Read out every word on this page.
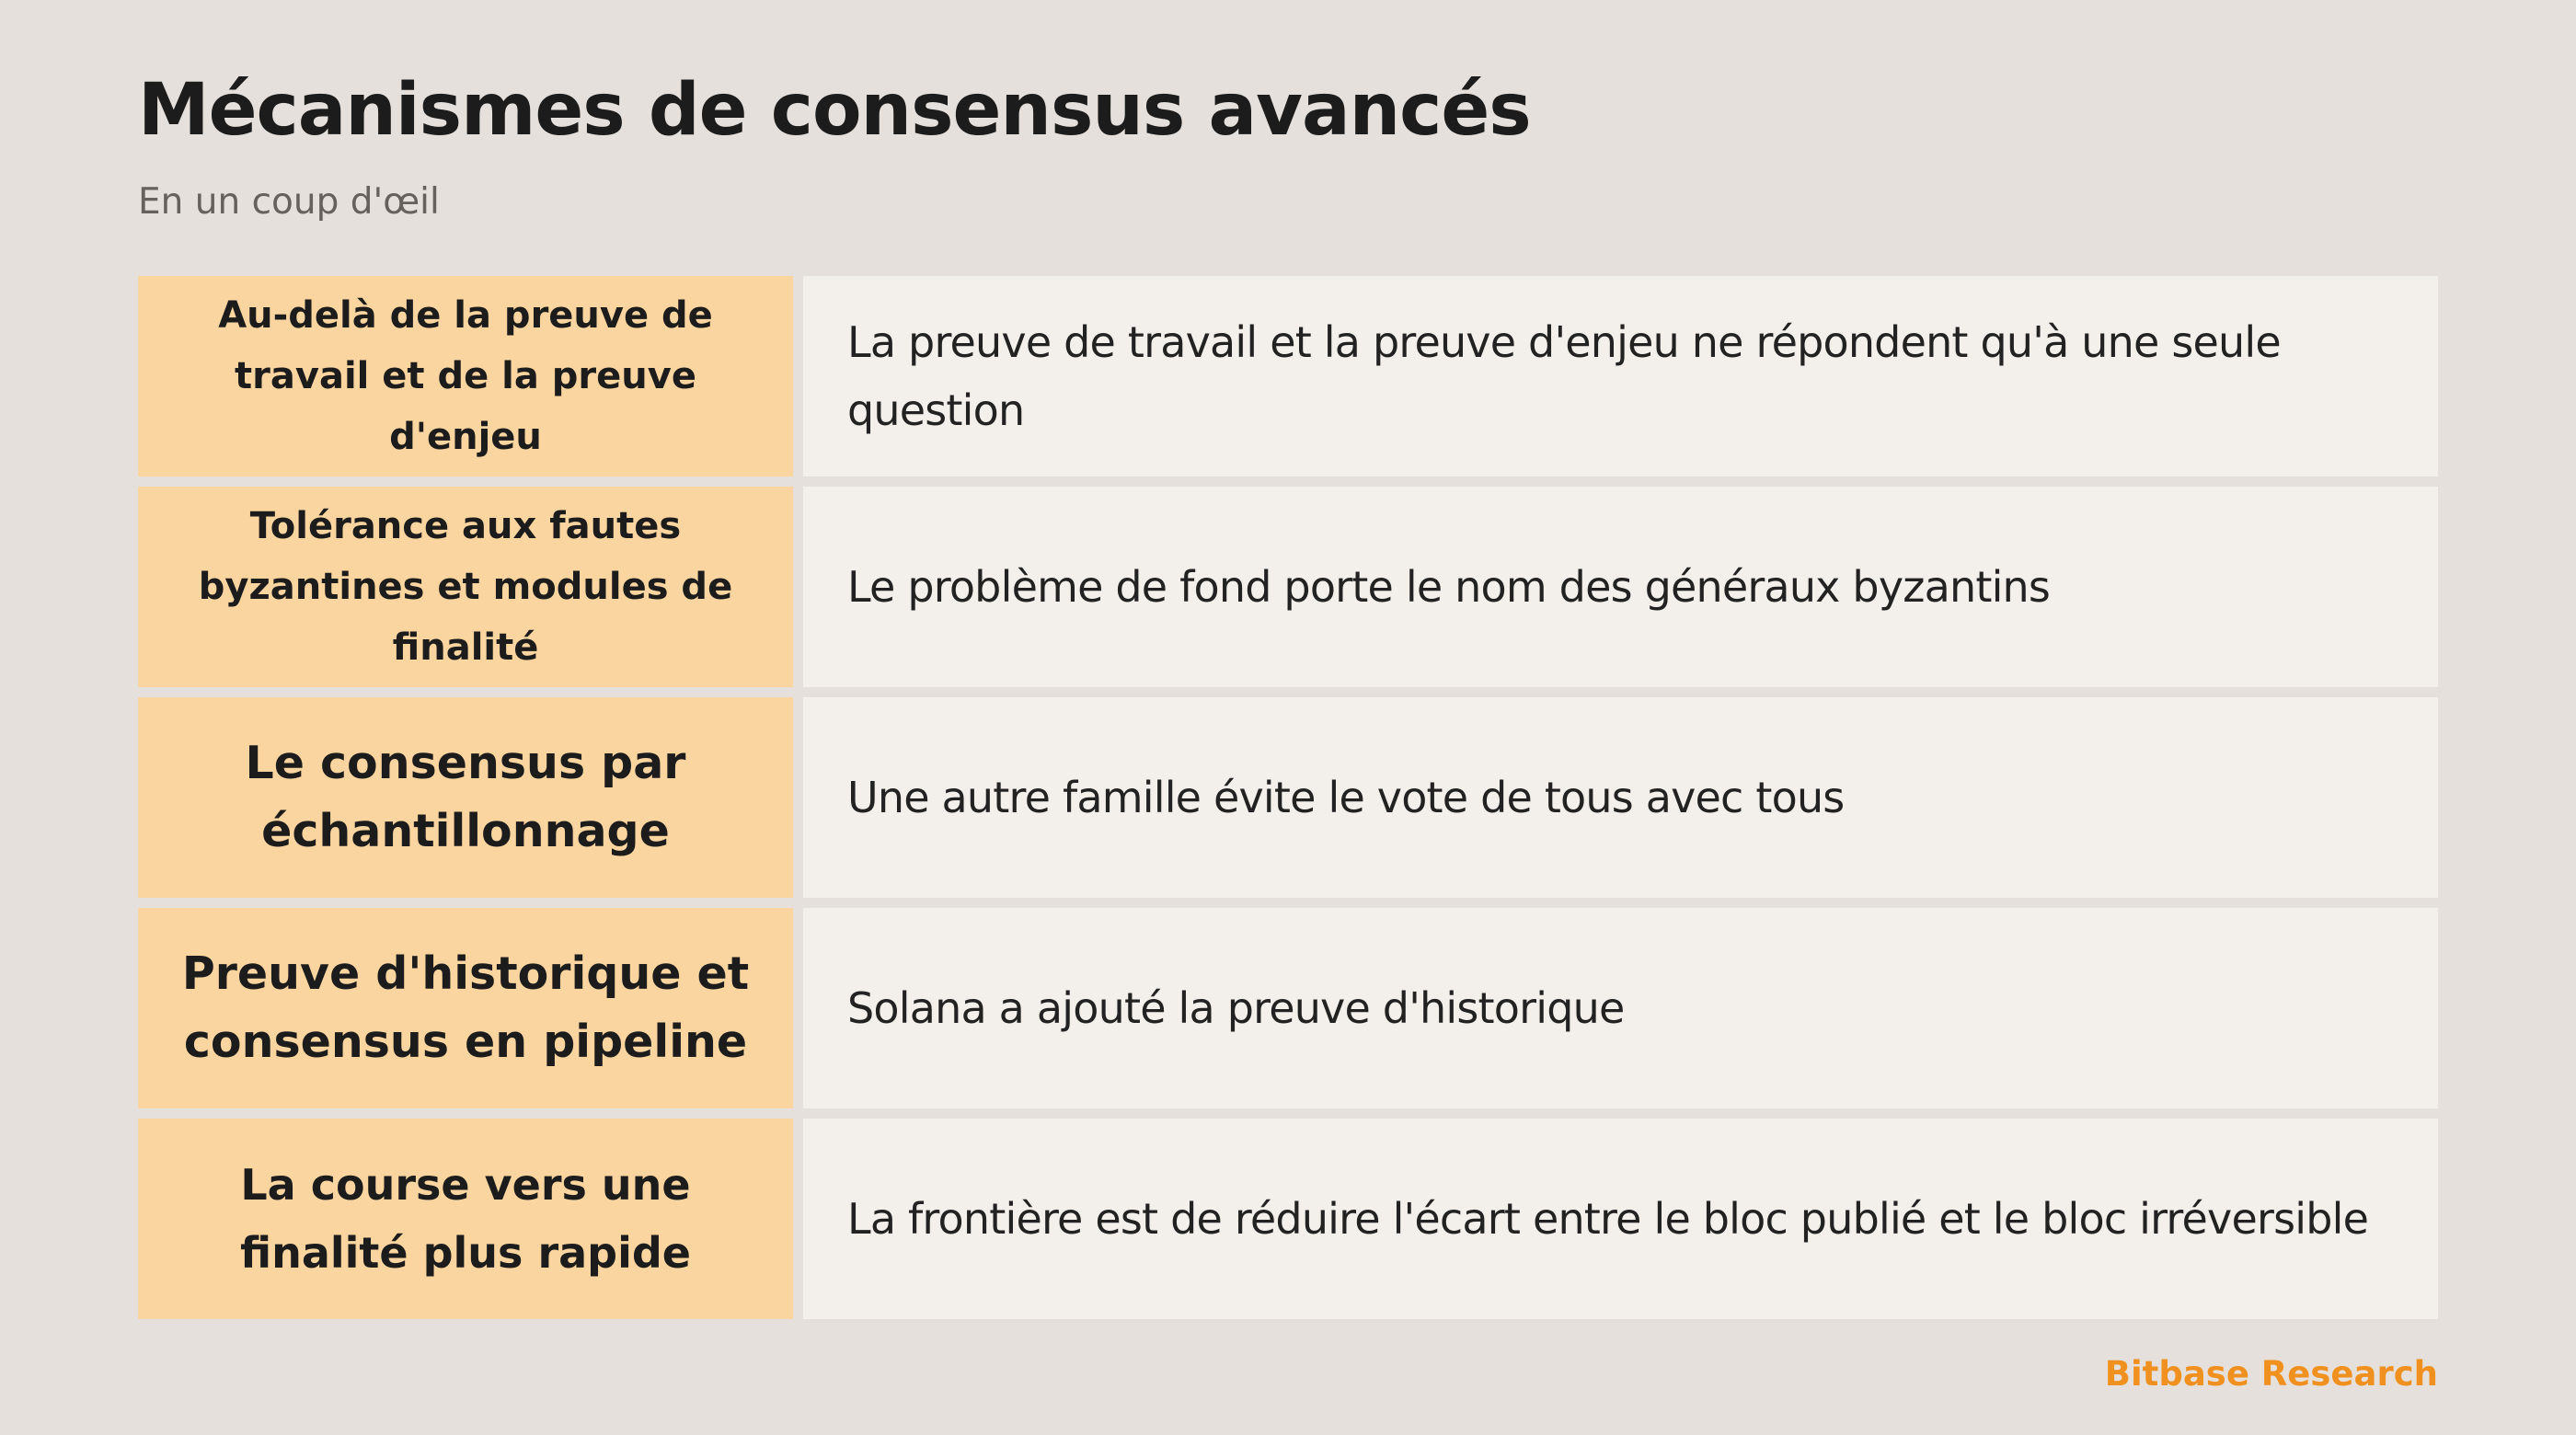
Mécanismes de consensus avancés

En un coup d'œil

Au-delà de la preuve de travail et de la preuve d'enjeu
La preuve de travail et la preuve d'enjeu ne répondent qu'à une seule question
Tolérance aux fautes byzantines et modules de finalité
Le problème de fond porte le nom des généraux byzantins
Le consensus par échantillonnage
Une autre famille évite le vote de tous avec tous
Preuve d'historique et consensus en pipeline
Solana a ajouté la preuve d'historique
La course vers une finalité plus rapide
La frontière est de réduire l'écart entre le bloc publié et le bloc irréversible

Bitbase Research
